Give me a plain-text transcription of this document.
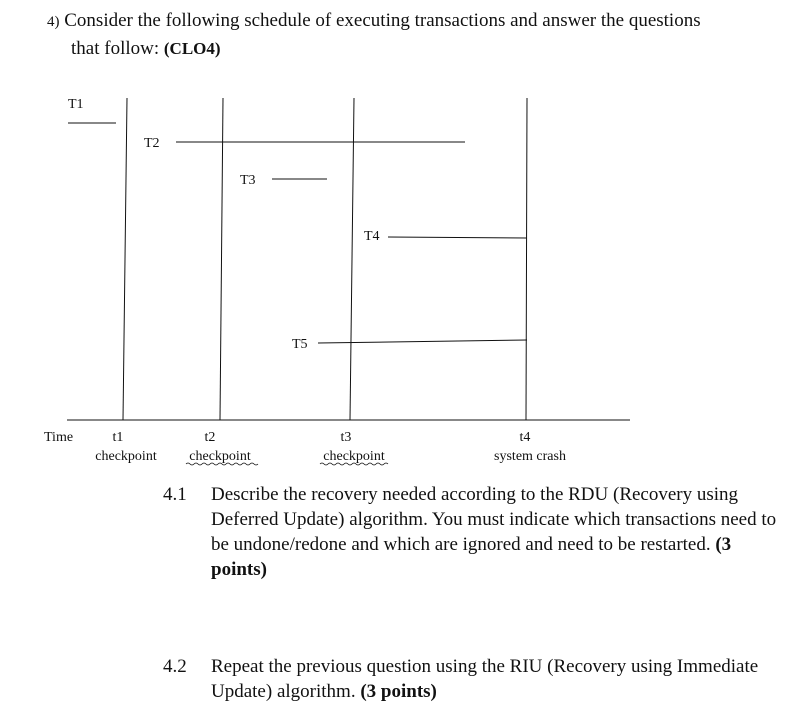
4) Consider the following schedule of executing transactions and answer the questions
that follow: (CLO4)
T1
T2
T3
T4
T5
Time	t1	t2	t3	t4
checkpoint checkpoint	checkpoint	system crash
4.1 Describe the recovery needed according to the RDU (Recovery using Deferred Update) algorithm. You must indicate which transactions need to be undone/redone and which are ignored and need to be restarted. (3 points)
4.2 Repeat the previous question using the RIU (Recovery using Immediate Update) algorithm. (3 points)
